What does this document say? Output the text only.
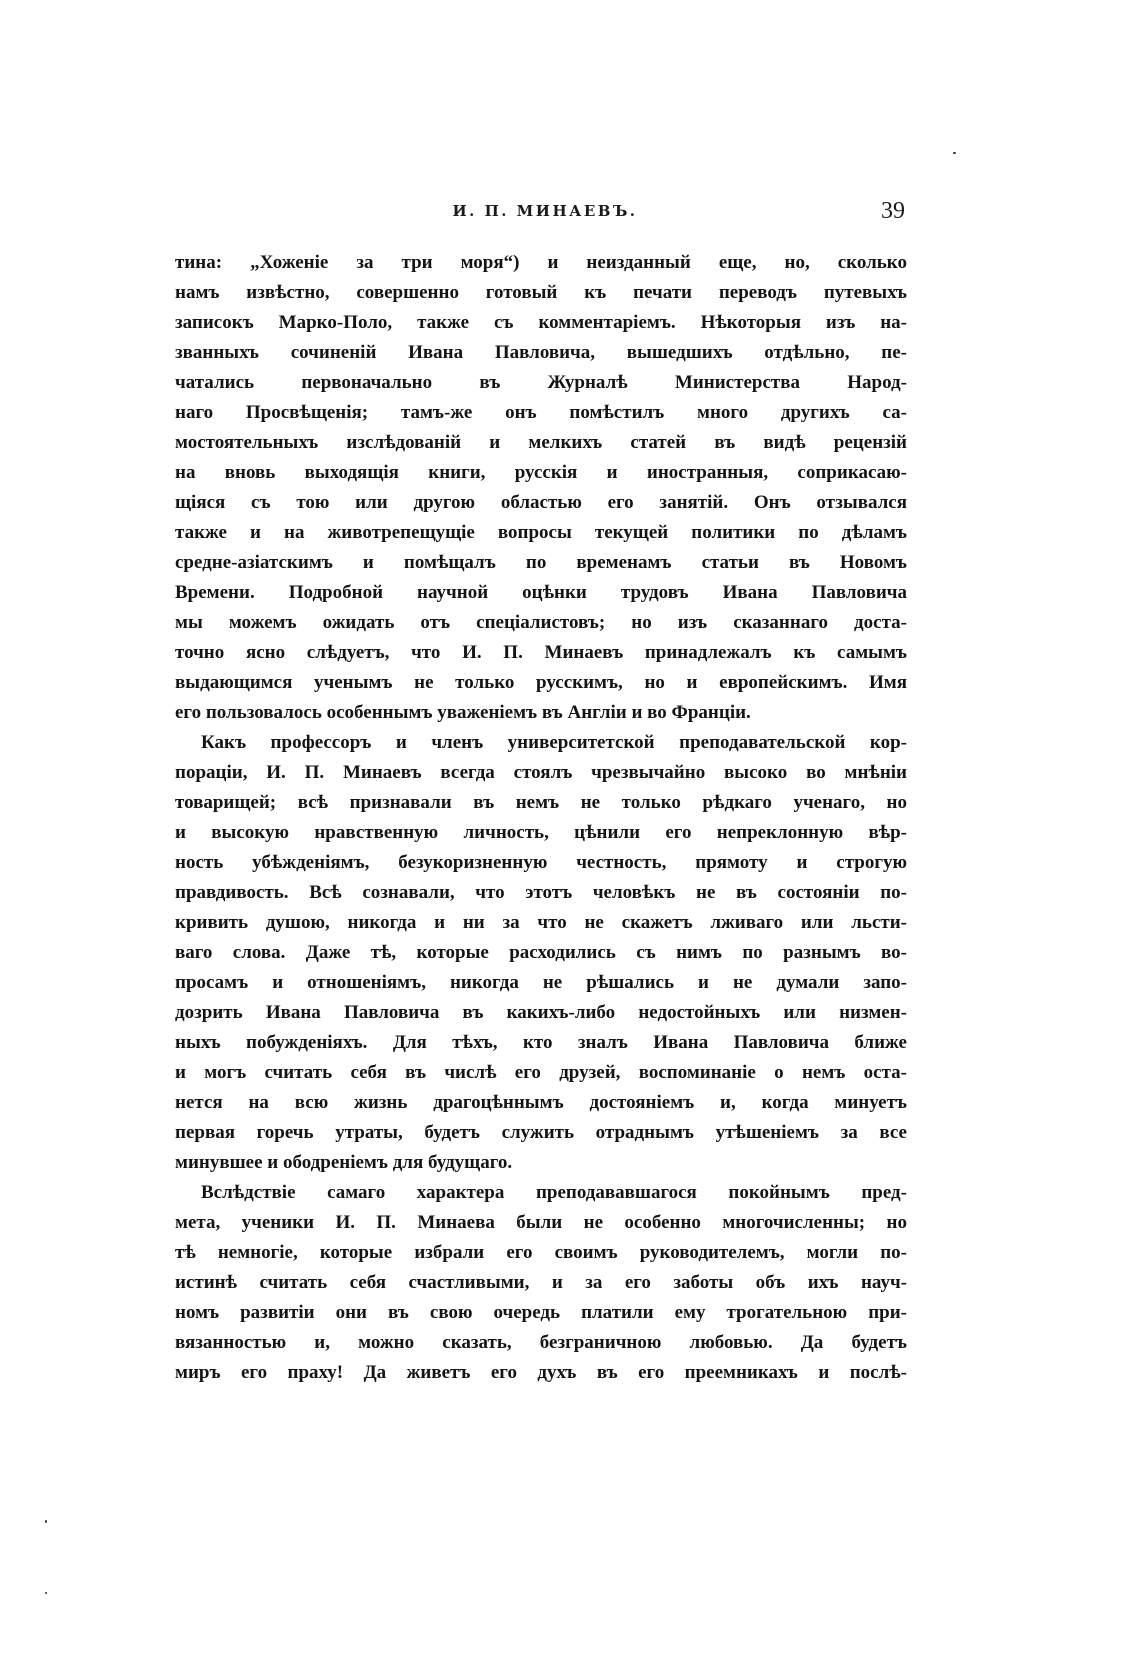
И. П. МИНАЕВЪ.	39
тина: „Хоженіе за три моря“) и неизданный еще, но, сколько
намъ извѣстно, совершенно готовый къ печати переводъ путевыхъ
записокъ Марко-Поло, также съ комментаріемъ. Нѣкоторыя изъ на-
званныхъ сочиненій Ивана Павловича, вышедшихъ отдѣльно, пе-
чатались первоначально въ Журналѣ Министерства Народ-
наго Просвѣщенія; тамъ-же онъ помѣстилъ много другихъ са-
мостоятельныхъ изслѣдованій и мелкихъ статей въ видѣ рецензій
на вновь выходящія книги, русскія и иностранныя, соприкасаю-
щіяся съ тою или другою областью его занятій. Онъ отзывался
также и на животрепещущіе вопросы текущей политики по дѣламъ
средне-азіатскимъ и помѣщалъ по временамъ статьи въ Новомъ
Времени. Подробной научной оцѣнки трудовъ Ивана Павловича
мы можемъ ожидать отъ спеціалистовъ; но изъ сказаннаго доста-
точно ясно слѣдуетъ, что И. П. Минаевъ принадлежалъ къ самымъ
выдающимся ученымъ не только русскимъ, но и европейскимъ. Имя
его пользовалось особеннымъ уваженіемъ въ Англіи и во Франціи.
Какъ профессоръ и членъ университетской преподавательской кор-
пораціи, И. П. Минаевъ всегда стоялъ чрезвычайно высоко во мнѣніи
товарищей; всѣ признавали въ немъ не только рѣдкаго ученаго, но
и высокую нравственную личность, цѣнили его непреклонную вѣр-
ность убѣжденіямъ, безукоризненную честность, прямоту и строгую
правдивость. Всѣ сознавали, что этотъ человѣкъ не въ состояніи по-
кривить душою, никогда и ни за что не скажетъ лживаго или льсти-
ваго слова. Даже тѣ, которые расходились съ нимъ по разнымъ во-
просамъ и отношеніямъ, никогда не рѣшались и не думали запо-
дозрить Ивана Павловича въ какихъ-либо недостойныхъ или низмен-
ныхъ побужденіяхъ. Для тѣхъ, кто зналъ Ивана Павловича ближе
и могъ считать себя въ числѣ его друзей, воспоминаніе о немъ оста-
нется на всю жизнь драгоцѣннымъ достояніемъ и, когда минуетъ
первая горечь утраты, будетъ служить отраднымъ утѣшеніемъ за все
минувшее и ободреніемъ для будущаго.
Вслѣдствіе самаго характера преподававшагося покойнымъ пред-
мета, ученики И. П. Минаева были не особенно многочисленны; но
тѣ немногіе, которые избрали его своимъ руководителемъ, могли по-
истинѣ считать себя счастливыми, и за его заботы объ ихъ науч-
номъ развитіи они въ свою очередь платили ему трогательною при-
вязанностью и, можно сказать, безграничною любовью. Да будетъ
миръ его праху! Да живетъ его духъ въ его преемникахъ и послѣ-
